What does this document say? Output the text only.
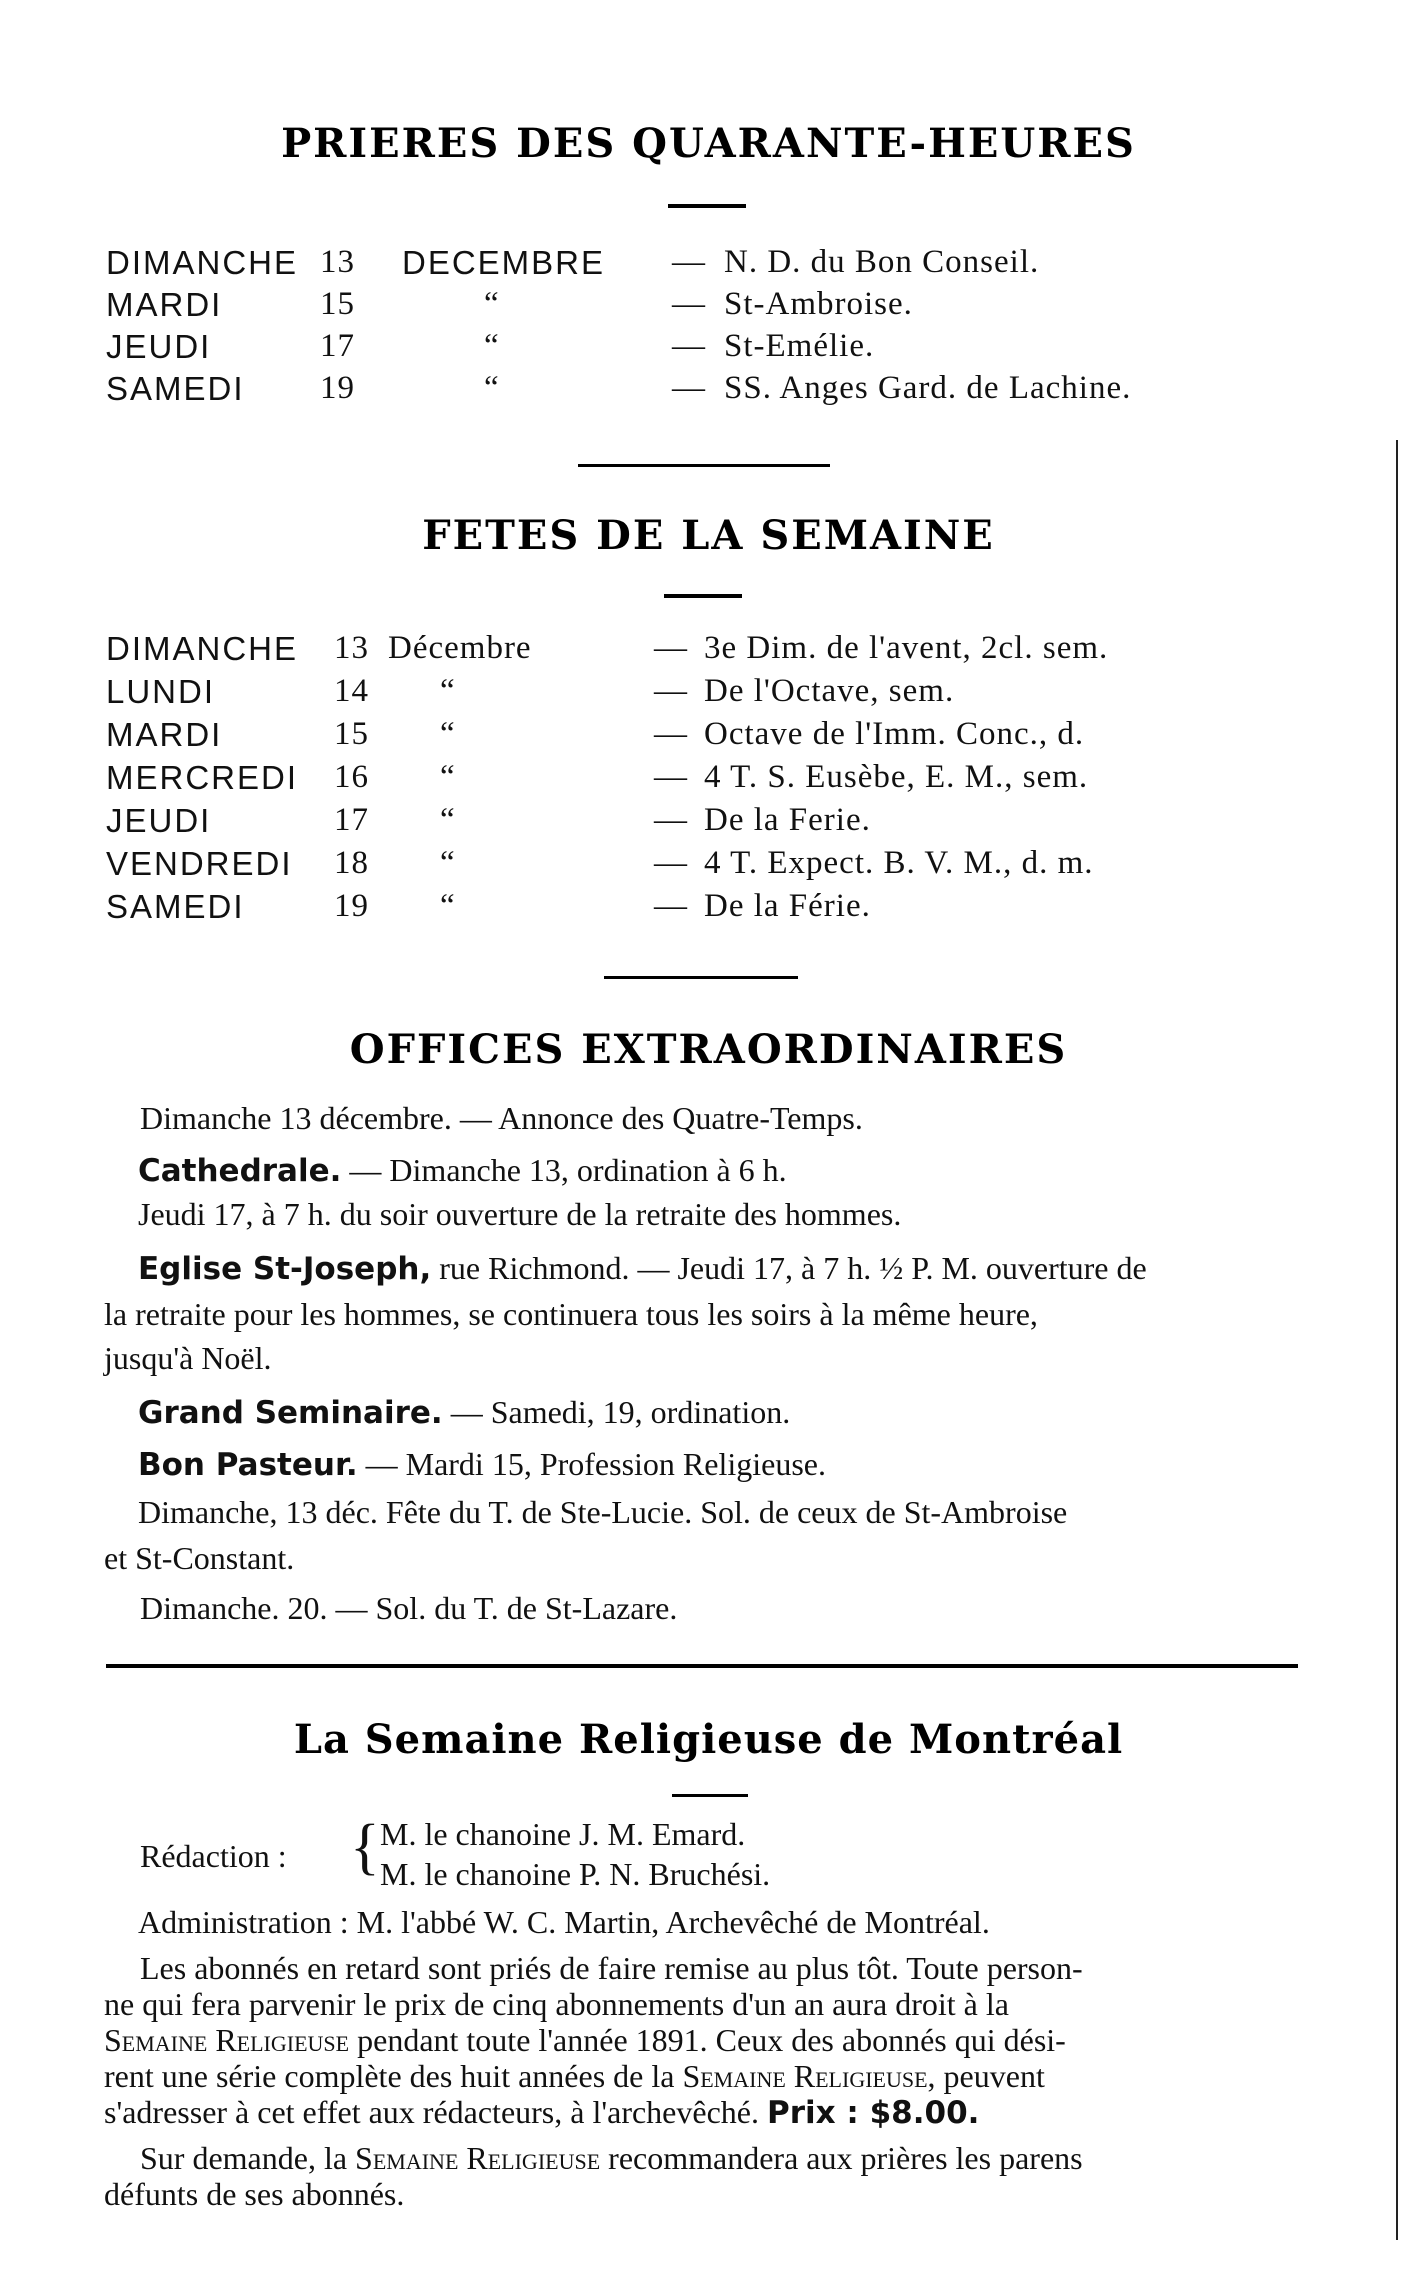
PRIERES DES QUARANTE-HEURES
DIMANCHE 13 DECEMBRE — N. D. du Bon Conseil.
MARDI	15	“	— St-Ambroise.
JEUDI	17	“	— St-Emélie.
SAMEDI 19	“	— SS. Anges Gard. de Lachine.
FETES DE LA SEMAINE
DIMANCHE 13 Décembre	— 3e Dim. de l'avent, 2cl. sem.
LUNDI	14 “	— De l'Octave, sem.
MARDI	15 “	— Octave de l'Imm. Conc., d.
MERCREDI 16 “	— 4 T. S. Eusèbe, E. M., sem.
JEUDI	17 “	— De la Ferie.
VENDREDI 18 “	— 4 T. Expect. B. V. M., d. m.
SAMEDI	19 “	— De la Férie.
OFFICES EXTRAORDINAIRES
Dimanche 13 décembre. — Annonce des Quatre-Temps.
Cathedrale. — Dimanche 13, ordination à 6 h.
Jeudi 17, à 7 h. du soir ouverture de la retraite des hommes.
Eglise St-Joseph, rue Richmond. — Jeudi 17, à 7 h. ½ P. M. ouverture de
la retraite pour les hommes, se continuera tous les soirs à la même heure,
jusqu'à Noël.
Grand Seminaire. — Samedi, 19, ordination.
Bon Pasteur. — Mardi 15, Profession Religieuse.
Dimanche, 13 déc. Fête du T. de Ste-Lucie. Sol. de ceux de St-Ambroise
et St-Constant.
Dimanche. 20. — Sol. du T. de St-Lazare.
La Semaine Religieuse de Montréal
Rédaction : { M. le chanoine J. M. Emard.
M. le chanoine P. N. Bruchési.
Administration : M. l'abbé W. C. Martin, Archevêché de Montréal.
Les abonnés en retard sont priés de faire remise au plus tôt. Toute person-
ne qui fera parvenir le prix de cinq abonnements d'un an aura droit à la
Semaine Religieuse pendant toute l'année 1891. Ceux des abonnés qui dési-
rent une série complète des huit années de la Semaine Religieuse, peuvent
s'adresser à cet effet aux rédacteurs, à l'archevêché. Prix : $8.00.
Sur demande, la Semaine Religieuse recommandera aux prières les parens
défunts de ses abonnés.
